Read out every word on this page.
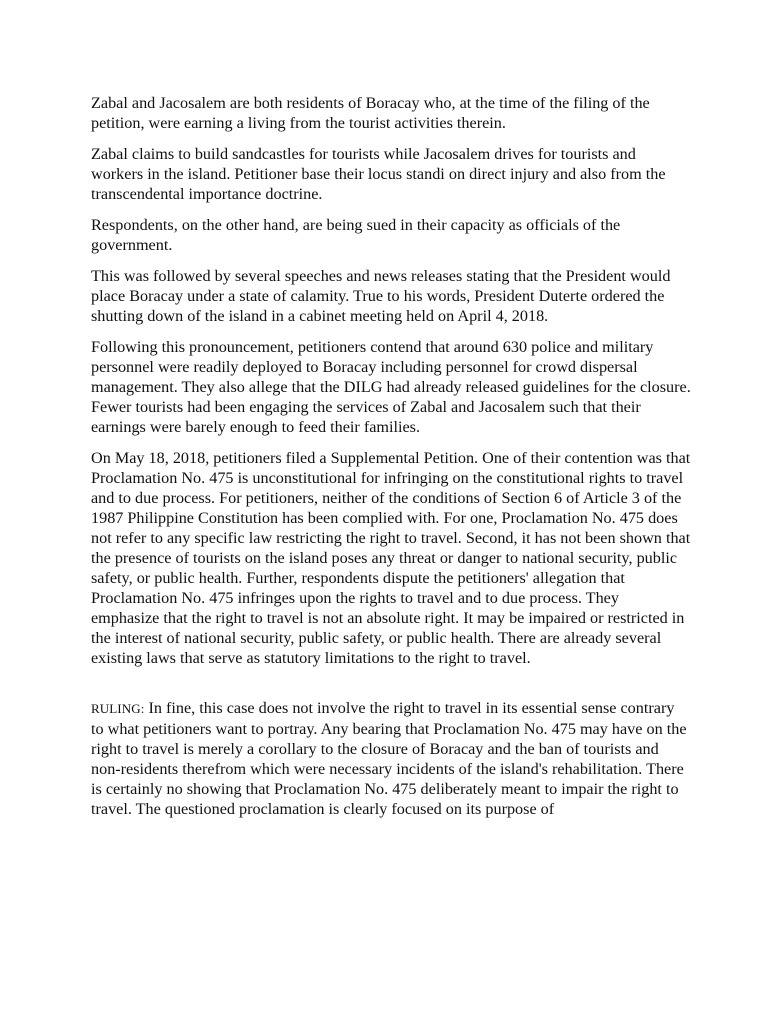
Zabal and Jacosalem are both residents of Boracay who, at the time of the filing of the petition, were earning a living from the tourist activities therein.

Zabal claims to build sandcastles for tourists while Jacosalem drives for tourists and workers in the island. Petitioner base their locus standi on direct injury and also from the transcendental importance doctrine.

Respondents, on the other hand, are being sued in their capacity as officials of the government.

This was followed by several speeches and news releases stating that the President would place Boracay under a state of calamity. True to his words, President Duterte ordered the shutting down of the island in a cabinet meeting held on April 4, 2018.

Following this pronouncement, petitioners contend that around 630 police and military personnel were readily deployed to Boracay including personnel for crowd dispersal management. They also allege that the DILG had already released guidelines for the closure. Fewer tourists had been engaging the services of Zabal and Jacosalem such that their earnings were barely enough to feed their families.

On May 18, 2018, petitioners filed a Supplemental Petition. One of their contention was that Proclamation No. 475 is unconstitutional for infringing on the constitutional rights to travel and to due process. For petitioners, neither of the conditions of Section 6 of Article 3 of the 1987 Philippine Constitution has been complied with. For one, Proclamation No. 475 does not refer to any specific law restricting the right to travel. Second, it has not been shown that the presence of tourists on the island poses any threat or danger to national security, public safety, or public health. Further, respondents dispute the petitioners' allegation that Proclamation No. 475 infringes upon the rights to travel and to due process. They emphasize that the right to travel is not an absolute right. It may be impaired or restricted in the interest of national security, public safety, or public health. There are already several existing laws that serve as statutory limitations to the right to travel.

RULING: In fine, this case does not involve the right to travel in its essential sense contrary to what petitioners want to portray. Any bearing that Proclamation No. 475 may have on the right to travel is merely a corollary to the closure of Boracay and the ban of tourists and non-residents therefrom which were necessary incidents of the island's rehabilitation. There is certainly no showing that Proclamation No. 475 deliberately meant to impair the right to travel. The questioned proclamation is clearly focused on its purpose of
